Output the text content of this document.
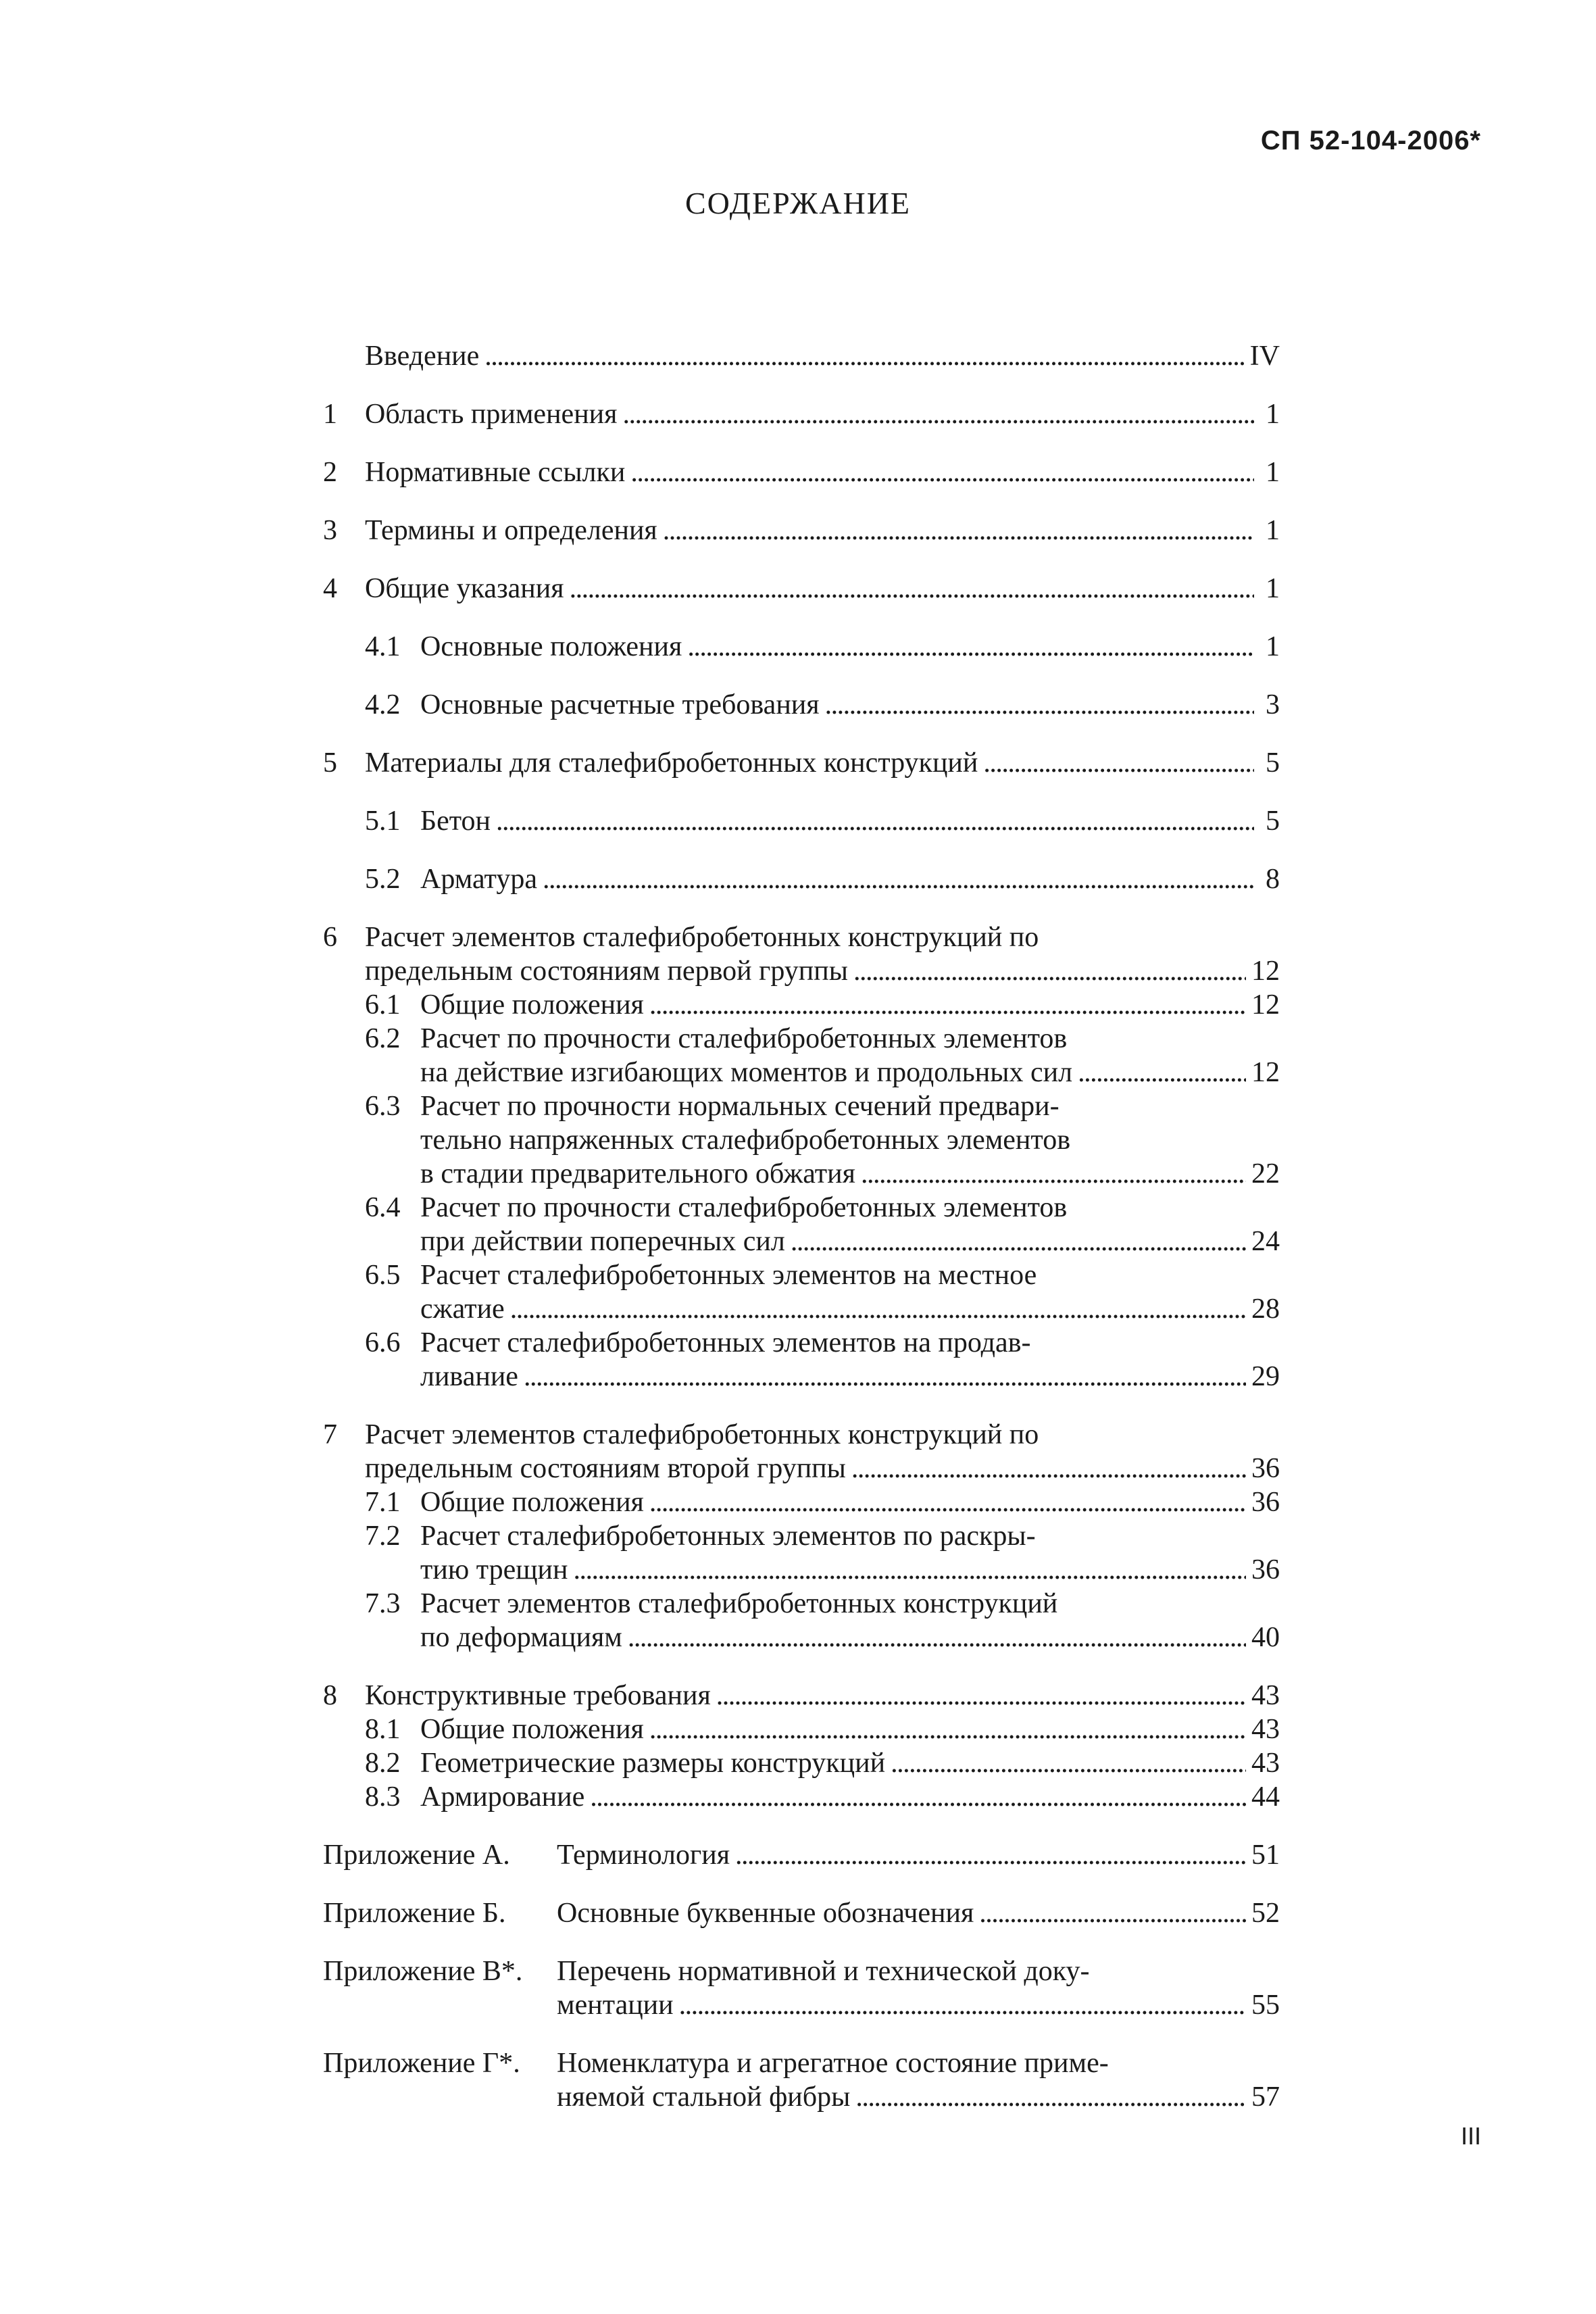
СП 52-104-2006*
СОДЕРЖАНИЕ
Введение . . .	IV
1 Область применения . . .	1
2 Нормативные ссылки . . .	1
3 Термины и определения . . .	1
4 Общие указания . . .	1
4.1 Основные положения . . .	1
4.2 Основные расчетные требования . . .	3
5 Материалы для сталефибробетонных конструкций . . .	5
5.1 Бетон . . .	5
5.2 Арматура . . .	8
6 Расчет элементов сталефибробетонных конструкций по
предельным состояниям первой группы . . .	12
6.1 Общие положения . . .	12
6.2 Расчет по прочности сталефибробетонных элементов
на действие изгибающих моментов и продольных сил . . .	12
6.3 Расчет по прочности нормальных сечений предвари-
тельно напряженных сталефибробетонных элементов
в стадии предварительного обжатия . . .	22
6.4 Расчет по прочности сталефибробетонных элементов
при действии поперечных сил . . .	24
6.5 Расчет сталефибробетонных элементов на местное
сжатие . . .	28
6.6 Расчет сталефибробетонных элементов на продав-
ливание . . .	29
7 Расчет элементов сталефибробетонных конструкций по
предельным состояниям второй группы . . .	36
7.1 Общие положения . . .	36
7.2 Расчет сталефибробетонных элементов по раскры-
тию трещин . . .	36
7.3 Расчет элементов сталефибробетонных конструкций
по деформациям . . .	40
8 Конструктивные требования . . .	43
8.1 Общие положения . . .	43
8.2 Геометрические размеры конструкций . . .	43
8.3 Армирование . . .	44
Приложение А.	Терминология . . .	51
Приложение Б.	Основные буквенные обозначения . . .	52
Приложение В*.	Перечень нормативной и технической доку-
ментации . . .	55
Приложение Г*.	Номенклатура и агрегатное состояние приме-
няемой стальной фибры . . .	57
III
